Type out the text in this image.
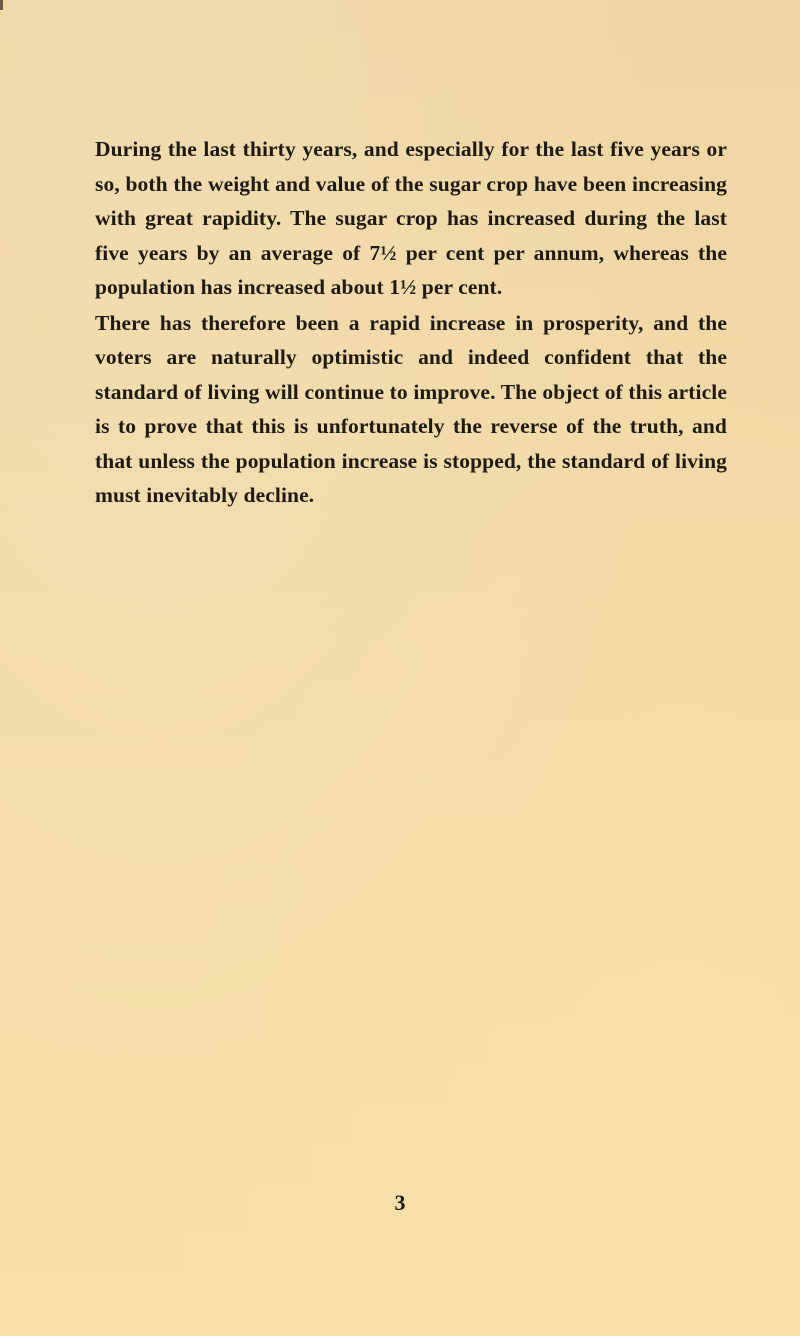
During the last thirty years, and especially for the last five years or so, both the weight and value of the sugar crop have been increasing with great rapidity. The sugar crop has increased during the last five years by an average of 7½ per cent per annum, whereas the population has increased about 1½ per cent.

There has therefore been a rapid increase in prosperity, and the voters are naturally optimistic and indeed confident that the standard of living will continue to improve. The object of this article is to prove that this is unfortunately the reverse of the truth, and that unless the population increase is stopped, the standard of living must inevitably decline.

3
